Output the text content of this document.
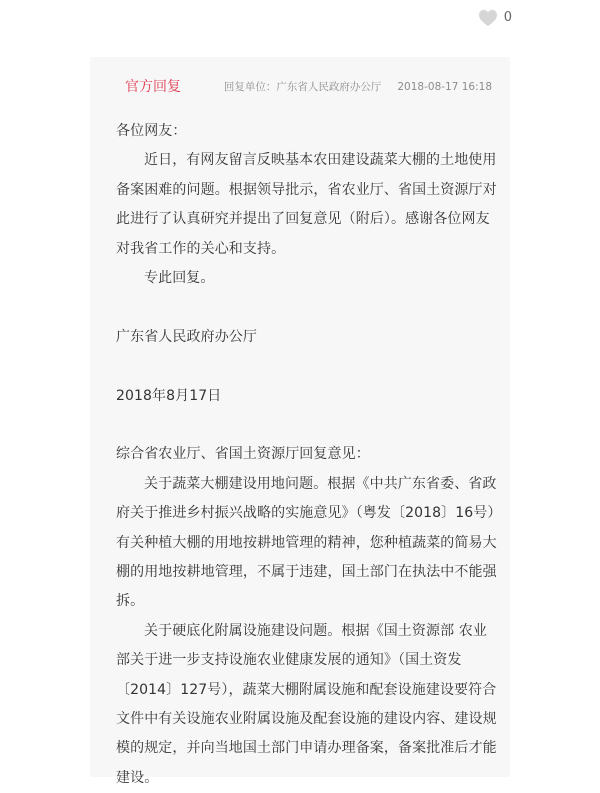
0
官方回复	回复单位：广东省人民政府办公厅 2018-08-17 16:18

各位网友：

近日，有网友留言反映基本农田建设蔬菜大棚的土地使用备案困难的问题。根据领导批示，省农业厅、省国土资源厅对此进行了认真研究并提出了回复意见（附后）。感谢各位网友对我省工作的关心和支持。

专此回复。

广东省人民政府办公厅

2018年8月17日

综合省农业厅、省国土资源厅回复意见：

关于蔬菜大棚建设用地问题。根据《中共广东省委、省政府关于推进乡村振兴战略的实施意见》（粤发〔2018〕16号）有关种植大棚的用地按耕地管理的精神，您种植蔬菜的简易大棚的用地按耕地管理，不属于违建，国土部门在执法中不能强拆。

关于硬底化附属设施建设问题。根据《国土资源部 农业部关于进一步支持设施农业健康发展的通知》（国土资发〔2014〕127号），蔬菜大棚附属设施和配套设施建设要符合文件中有关设施农业附属设施及配套设施的建设内容、建设规模的规定，并向当地国土部门申请办理备案，备案批准后才能建设。
